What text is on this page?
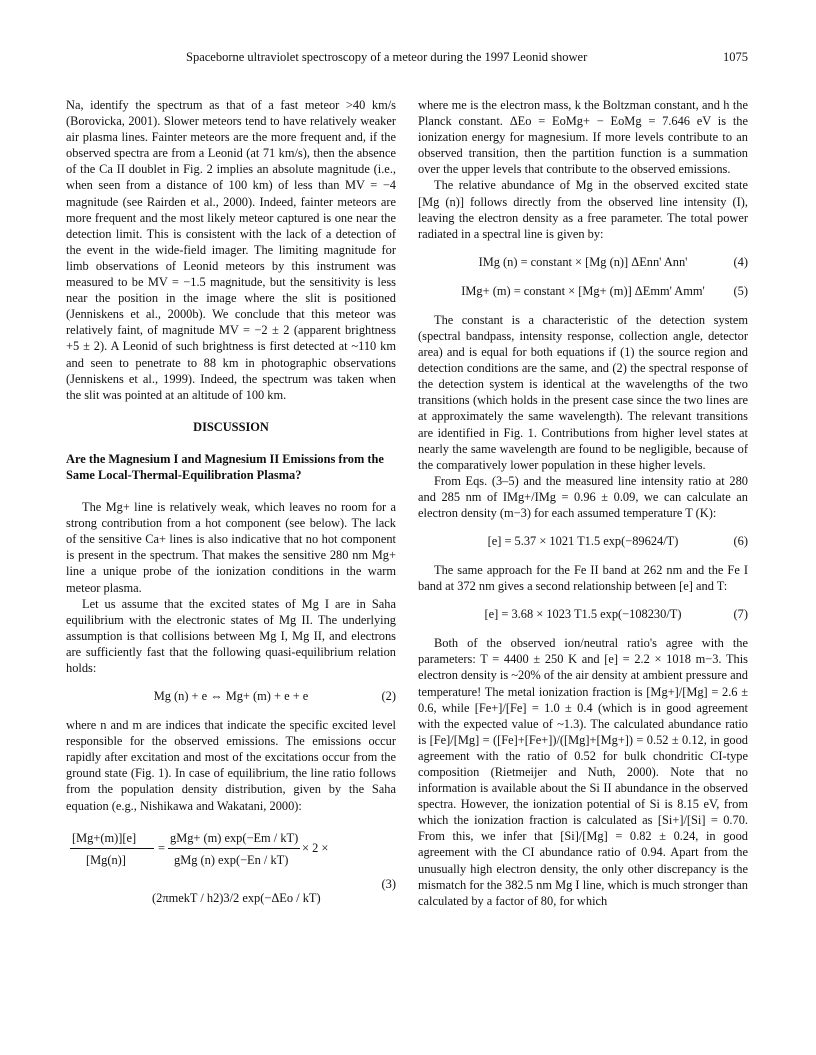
Spaceborne ultraviolet spectroscopy of a meteor during the 1997 Leonid shower	1075

Na, identify the spectrum as that of a fast meteor >40 km/s (Borovicka, 2001). Slower meteors tend to have relatively weaker air plasma lines. Fainter meteors are the more frequent and, if the observed spectra are from a Leonid (at 71 km/s), then the absence of the Ca II doublet in Fig. 2 implies an absolute magnitude (i.e., when seen from a distance of 100 km) of less than MV = −4 magnitude (see Rairden et al., 2000). Indeed, fainter meteors are more frequent and the most likely meteor captured is one near the detection limit. This is consistent with the lack of a detection of the event in the wide-field imager. The limiting magnitude for limb observations of Leonid meteors by this instrument was measured to be MV = −1.5 magnitude, but the sensitivity is less near the position in the image where the slit is positioned (Jenniskens et al., 2000b). We conclude that this meteor was relatively faint, of magnitude MV = −2 ± 2 (apparent brightness +5 ± 2). A Leonid of such brightness is first detected at ~110 km and seen to penetrate to 88 km in photographic observations (Jenniskens et al., 1999). Indeed, the spectrum was taken when the slit was pointed at an altitude of 100 km.

DISCUSSION

Are the Magnesium I and Magnesium II Emissions from the Same Local-Thermal-Equilibration Plasma?

The Mg+ line is relatively weak, which leaves no room for a strong contribution from a hot component (see below). The lack of the sensitive Ca+ lines is also indicative that no hot component is present in the spectrum. That makes the sensitive 280 nm Mg+ line a unique probe of the ionization conditions in the warm meteor plasma.

Let us assume that the excited states of Mg I are in Saha equilibrium with the electronic states of Mg II. The underlying assumption is that collisions between Mg I, Mg II, and electrons are sufficiently fast that the following quasi-equilibrium relation holds:

Mg (n) + e ⇔ Mg+ (m) + e + e	(2)

where n and m are indices that indicate the specific excited level responsible for the observed emissions. The emissions occur rapidly after excitation and most of the excitations occur from the ground state (Fig. 1). In case of equilibrium, the line ratio follows from the population density distribution, given by the Saha equation (e.g., Nishikawa and Wakatani, 2000):

[Mg+(m)][e]
[Mg(n)]
=
gMg+ (m) exp(−Em / kT)
gMg (n) exp(−En / kT)
× 2 ×
(2πmekT / h2)3/2 exp(−ΔEo / kT)
(3)

where me is the electron mass, k the Boltzman constant, and h the Planck constant. ΔEo = EoMg+ − EoMg = 7.646 eV is the ionization energy for magnesium. If more levels contribute to an observed transition, then the partition function is a summation over the upper levels that contribute to the observed emissions.

The relative abundance of Mg in the observed excited state [Mg (n)] follows directly from the observed line intensity (I), leaving the electron density as a free parameter. The total power radiated in a spectral line is given by:

IMg (n) = constant × [Mg (n)] ΔEnn' Ann'	(4)
IMg+ (m) = constant × [Mg+ (m)] ΔEmm' Amm' (5)

The constant is a characteristic of the detection system (spectral bandpass, intensity response, collection angle, detector area) and is equal for both equations if (1) the source region and detection conditions are the same, and (2) the spectral response of the detection system is identical at the wavelengths of the two transitions (which holds in the present case since the two lines are at approximately the same wavelength). The relevant transitions are identified in Fig. 1. Contributions from higher level states at nearly the same wavelength are found to be negligible, because of the comparatively lower population in these higher levels.

From Eqs. (3–5) and the measured line intensity ratio at 280 and 285 nm of IMg+/IMg = 0.96 ± 0.09, we can calculate an electron density (m−3) for each assumed temperature T (K):

[e] = 5.37 × 1021 T1.5 exp(−89624/T)	(6)

The same approach for the Fe II band at 262 nm and the Fe I band at 372 nm gives a second relationship between [e] and T:

[e] = 3.68 × 1023 T1.5 exp(−108230/T)	(7)

Both of the observed ion/neutral ratio's agree with the parameters: T = 4400 ± 250 K and [e] = 2.2 × 1018 m−3. This electron density is ~20% of the air density at ambient pressure and temperature! The metal ionization fraction is [Mg+]/[Mg] = 2.6 ± 0.6, while [Fe+]/[Fe] = 1.0 ± 0.4 (which is in good agreement with the expected value of ~1.3). The calculated abundance ratio is [Fe]/[Mg] = ([Fe]+[Fe+])/([Mg]+[Mg+]) = 0.52 ± 0.12, in good agreement with the ratio of 0.52 for bulk chondritic CI-type composition (Rietmeijer and Nuth, 2000). Note that no information is available about the Si II abundance in the observed spectra. However, the ionization potential of Si is 8.15 eV, from which the ionization fraction is calculated as [Si+]/[Si] = 0.70. From this, we infer that [Si]/[Mg] = 0.82 ± 0.24, in good agreement with the CI abundance ratio of 0.94. Apart from the unusually high electron density, the only other discrepancy is the mismatch for the 382.5 nm Mg I line, which is much stronger than calculated by a factor of 80, for which
